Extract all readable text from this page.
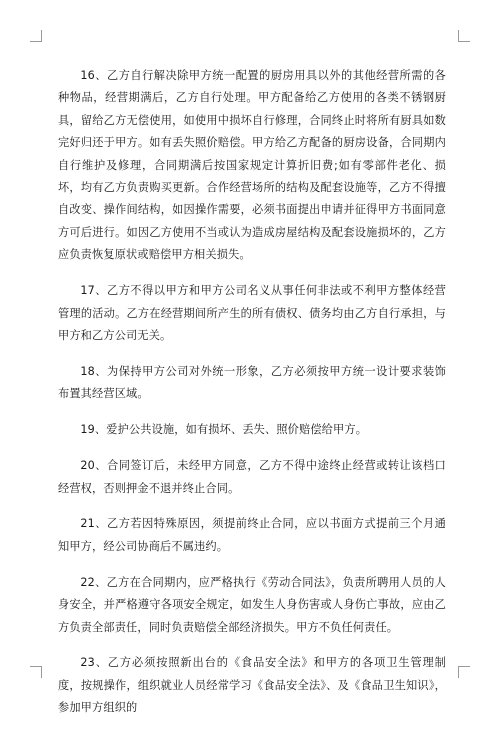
16、乙方自行解决除甲方统一配置的厨房用具以外的其他经营所需的各种物品，经营期满后，乙方自行处理。甲方配备给乙方使用的各类不锈钢厨具，留给乙方无偿使用，如使用中损坏自行修理，合同终止时将所有厨具如数完好归还于甲方。如有丢失照价赔偿。甲方给乙方配备的厨房设备，合同期内自行维护及修理，合同期满后按国家规定计算折旧费;如有零部件老化、损坏，均有乙方负责购买更新。合作经营场所的结构及配套设施等，乙方不得擅自改变、操作间结构，如因操作需要，必须书面提出申请并征得甲方书面同意方可后进行。如因乙方使用不当或认为造成房屋结构及配套设施损坏的，乙方应负责恢复原状或赔偿甲方相关损失。

17、乙方不得以甲方和甲方公司名义从事任何非法或不利甲方整体经营管理的活动。乙方在经营期间所产生的所有债权、债务均由乙方自行承担，与甲方和乙方公司无关。

18、为保持甲方公司对外统一形象，乙方必须按甲方统一设计要求装饰布置其经营区域。

19、爱护公共设施，如有损坏、丢失、照价赔偿给甲方。

20、合同签订后，未经甲方同意，乙方不得中途终止经营或转让该档口经营权，否则押金不退并终止合同。

21、乙方若因特殊原因，须提前终止合同，应以书面方式提前三个月通知甲方，经公司协商后不属违约。

22、乙方在合同期内，应严格执行《劳动合同法》，负责所聘用人员的人身安全，并严格遵守各项安全规定，如发生人身伤害或人身伤亡事故，应由乙方负责全部责任，同时负责赔偿全部经济损失。甲方不负任何责任。

23、乙方必须按照新出台的《食品安全法》和甲方的各项卫生管理制度，按规操作，组织就业人员经常学习《食品安全法》、及《食品卫生知识》，参加甲方组织的
